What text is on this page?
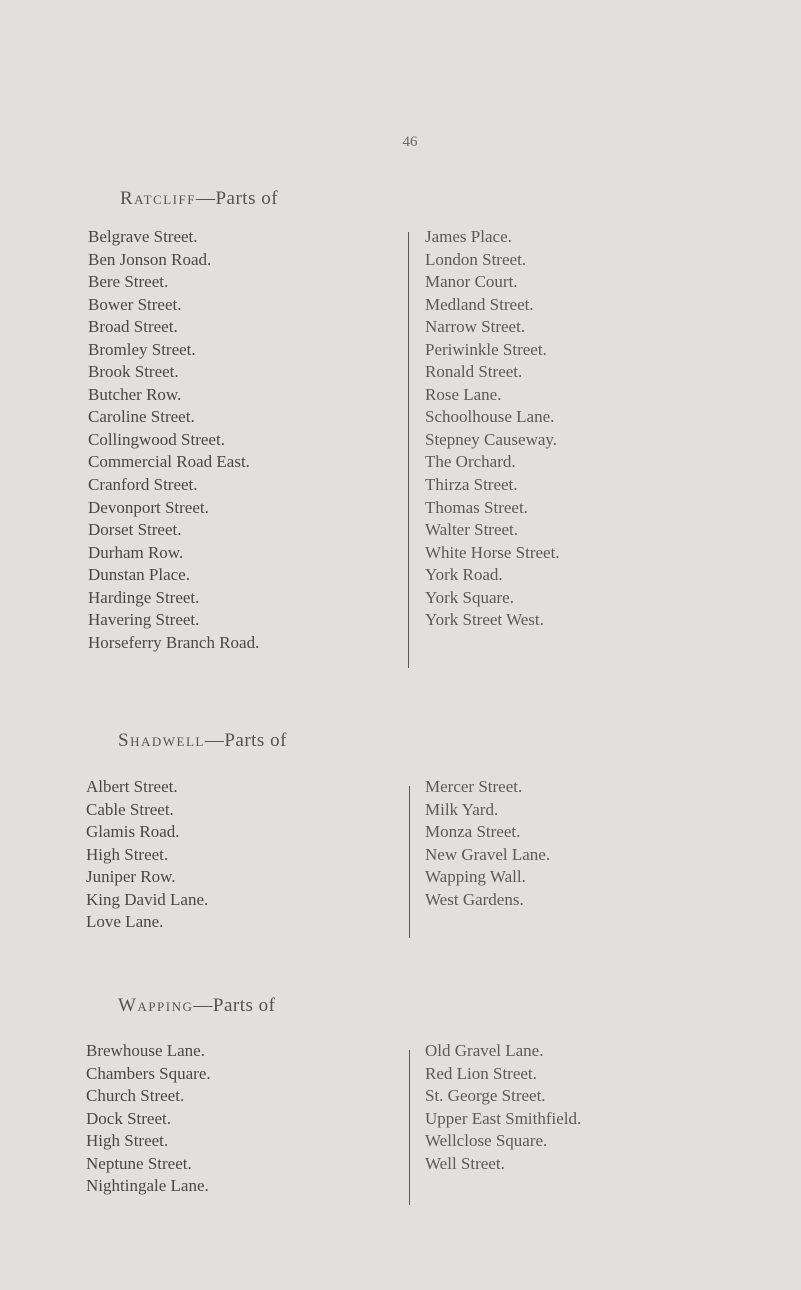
46
Ratcliff—Parts of
Belgrave Street.
Ben Jonson Road.
Bere Street.
Bower Street.
Broad Street.
Bromley Street.
Brook Street.
Butcher Row.
Caroline Street.
Collingwood Street.
Commercial Road East.
Cranford Street.
Devonport Street.
Dorset Street.
Durham Row.
Dunstan Place.
Hardinge Street.
Havering Street.
Horseferry Branch Road.
James Place.
London Street.
Manor Court.
Medland Street.
Narrow Street.
Periwinkle Street.
Ronald Street.
Rose Lane.
Schoolhouse Lane.
Stepney Causeway.
The Orchard.
Thirza Street.
Thomas Street.
Walter Street.
White Horse Street.
York Road.
York Square.
York Street West.
Shadwell—Parts of
Albert Street.
Cable Street.
Glamis Road.
High Street.
Juniper Row.
King David Lane.
Love Lane.
Mercer Street.
Milk Yard.
Monza Street.
New Gravel Lane.
Wapping Wall.
West Gardens.
Wapping—Parts of
Brewhouse Lane.
Chambers Square.
Church Street.
Dock Street.
High Street.
Neptune Street.
Nightingale Lane.
Old Gravel Lane.
Red Lion Street.
St. George Street.
Upper East Smithfield.
Wellclose Square.
Well Street.
